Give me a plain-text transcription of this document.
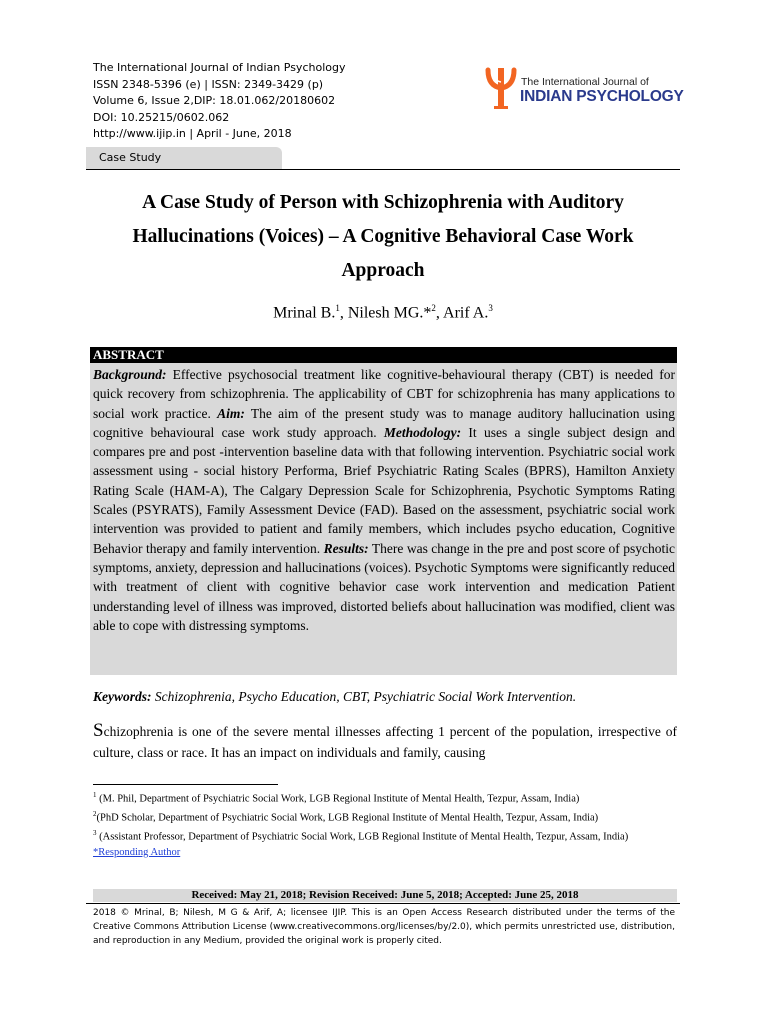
The International Journal of Indian Psychology
ISSN 2348-5396 (e) | ISSN: 2349-3429 (p)
Volume 6, Issue 2,DIP: 18.01.062/20180602
DOI: 10.25215/0602.062
http://www.ijip.in | April - June, 2018
The International Journal of
INDIAN PSYCHOLOGY
Case Study
A Case Study of Person with Schizophrenia with Auditory Hallucinations (Voices) – A Cognitive Behavioral Case Work Approach
Mrinal B.$^1$, Nilesh MG.*$^2$, Arif A.$^3$
ABSTRACT
Background: Effective psychosocial treatment like cognitive-behavioural therapy (CBT) is needed for quick recovery from schizophrenia. The applicability of CBT for schizophrenia has many applications to social work practice. Aim: The aim of the present study was to manage auditory hallucination using cognitive behavioural case work study approach. Methodology: It uses a single subject design and compares pre and post -intervention baseline data with that following intervention. Psychiatric social work assessment using - social history Performa, Brief Psychiatric Rating Scales (BPRS), Hamilton Anxiety Rating Scale (HAM-A), The Calgary Depression Scale for Schizophrenia, Psychotic Symptoms Rating Scales (PSYRATS), Family Assessment Device (FAD). Based on the assessment, psychiatric social work intervention was provided to patient and family members, which includes psycho education, Cognitive Behavior therapy and family intervention. Results: There was change in the pre and post score of psychotic symptoms, anxiety, depression and hallucinations (voices). Psychotic Symptoms were significantly reduced with treatment of client with cognitive behavior case work intervention and medication Patient understanding level of illness was improved, distorted beliefs about hallucination was modified, client was able to cope with distressing symptoms.
Keywords: Schizophrenia, Psycho Education, CBT, Psychiatric Social Work Intervention.
Schizophrenia is one of the severe mental illnesses affecting 1 percent of the population, irrespective of culture, class or race. It has an impact on individuals and family, causing
$^1$ (M. Phil, Department of Psychiatric Social Work, LGB Regional Institute of Mental Health, Tezpur, Assam, India)
$^2$(PhD Scholar, Department of Psychiatric Social Work, LGB Regional Institute of Mental Health, Tezpur, Assam, India)
$^3$ (Assistant Professor, Department of Psychiatric Social Work, LGB Regional Institute of Mental Health, Tezpur, Assam, India)
*Responding Author
Received: May 21, 2018; Revision Received: June 5, 2018; Accepted: June 25, 2018
2018 © Mrinal, B; Nilesh, M G & Arif, A; licensee IJIP. This is an Open Access Research distributed under the terms of the Creative Commons Attribution License (www.creativecommons.org/licenses/by/2.0), which permits unrestricted use, distribution, and reproduction in any Medium, provided the original work is properly cited.
